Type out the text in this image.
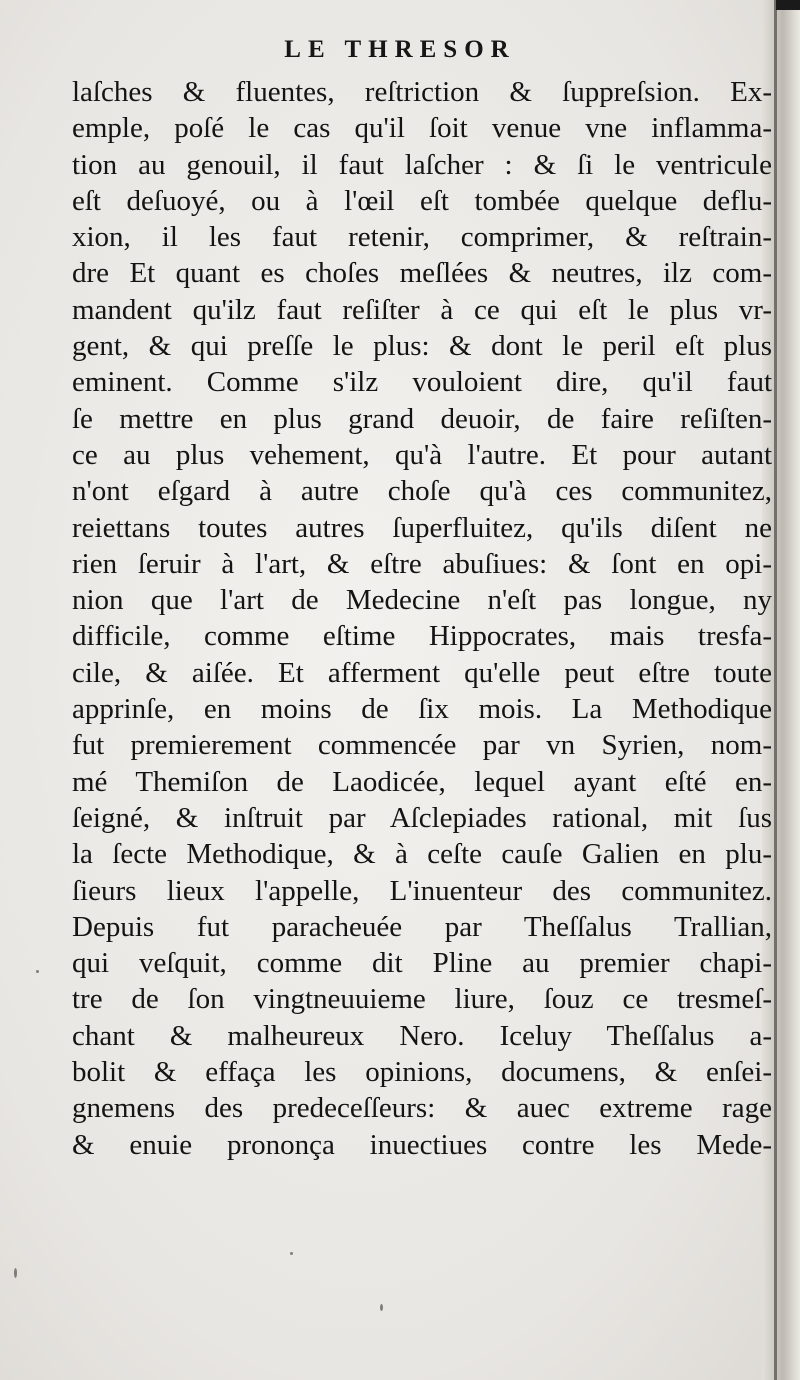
LE THRESOR
laſches & fluentes, reſtriction & ſuppreſsion. Ex-
emple, poſé le cas qu'il ſoit venue vne inflamma-
tion au genouil, il faut laſcher : & ſi le ventricule
eſt deſuoyé, ou à l'œil eſt tombée quelque deflu-
xion, il les faut retenir, comprimer, & reſtrain-
dre Et quant es choſes meſlées & neutres, ilz com-
mandent qu'ilz faut reſiſter à ce qui eſt le plus vr-
gent, & qui preſſe le plus: & dont le peril eſt plus
eminent. Comme s'ilz vouloient dire, qu'il faut
ſe mettre en plus grand deuoir, de faire reſiſten-
ce au plus vehement, qu'à l'autre. Et pour autant
n'ont eſgard à autre choſe qu'à ces communitez,
reiettans toutes autres ſuperfluitez, qu'ils diſent ne
rien ſeruir à l'art, & eſtre abuſiues: & ſont en opi-
nion que l'art de Medecine n'eſt pas longue, ny
difficile, comme eſtime Hippocrates, mais tresfa-
cile, & aiſée. Et afferment qu'elle peut eſtre toute
apprinſe, en moins de ſix mois. La Methodique
fut premierement commencée par vn Syrien, nom-
mé Themiſon de Laodicée, lequel ayant eſté en-
ſeigné, & inſtruit par Aſclepiades rational, mit ſus
la ſecte Methodique, & à ceſte cauſe Galien en plu-
ſieurs lieux l'appelle, L'inuenteur des communitez.
Depuis fut paracheuée par Theſſalus Trallian,
qui veſquit, comme dit Pline au premier chapi-
tre de ſon vingtneuuieme liure, ſouz ce tresmeſ-
chant & malheureux Nero. Iceluy Theſſalus a-
bolit & effaça les opinions, documens, & enſei-
gnemens des predeceſſeurs: & auec extreme rage
& enuie prononça inuectiues contre les Mede-
